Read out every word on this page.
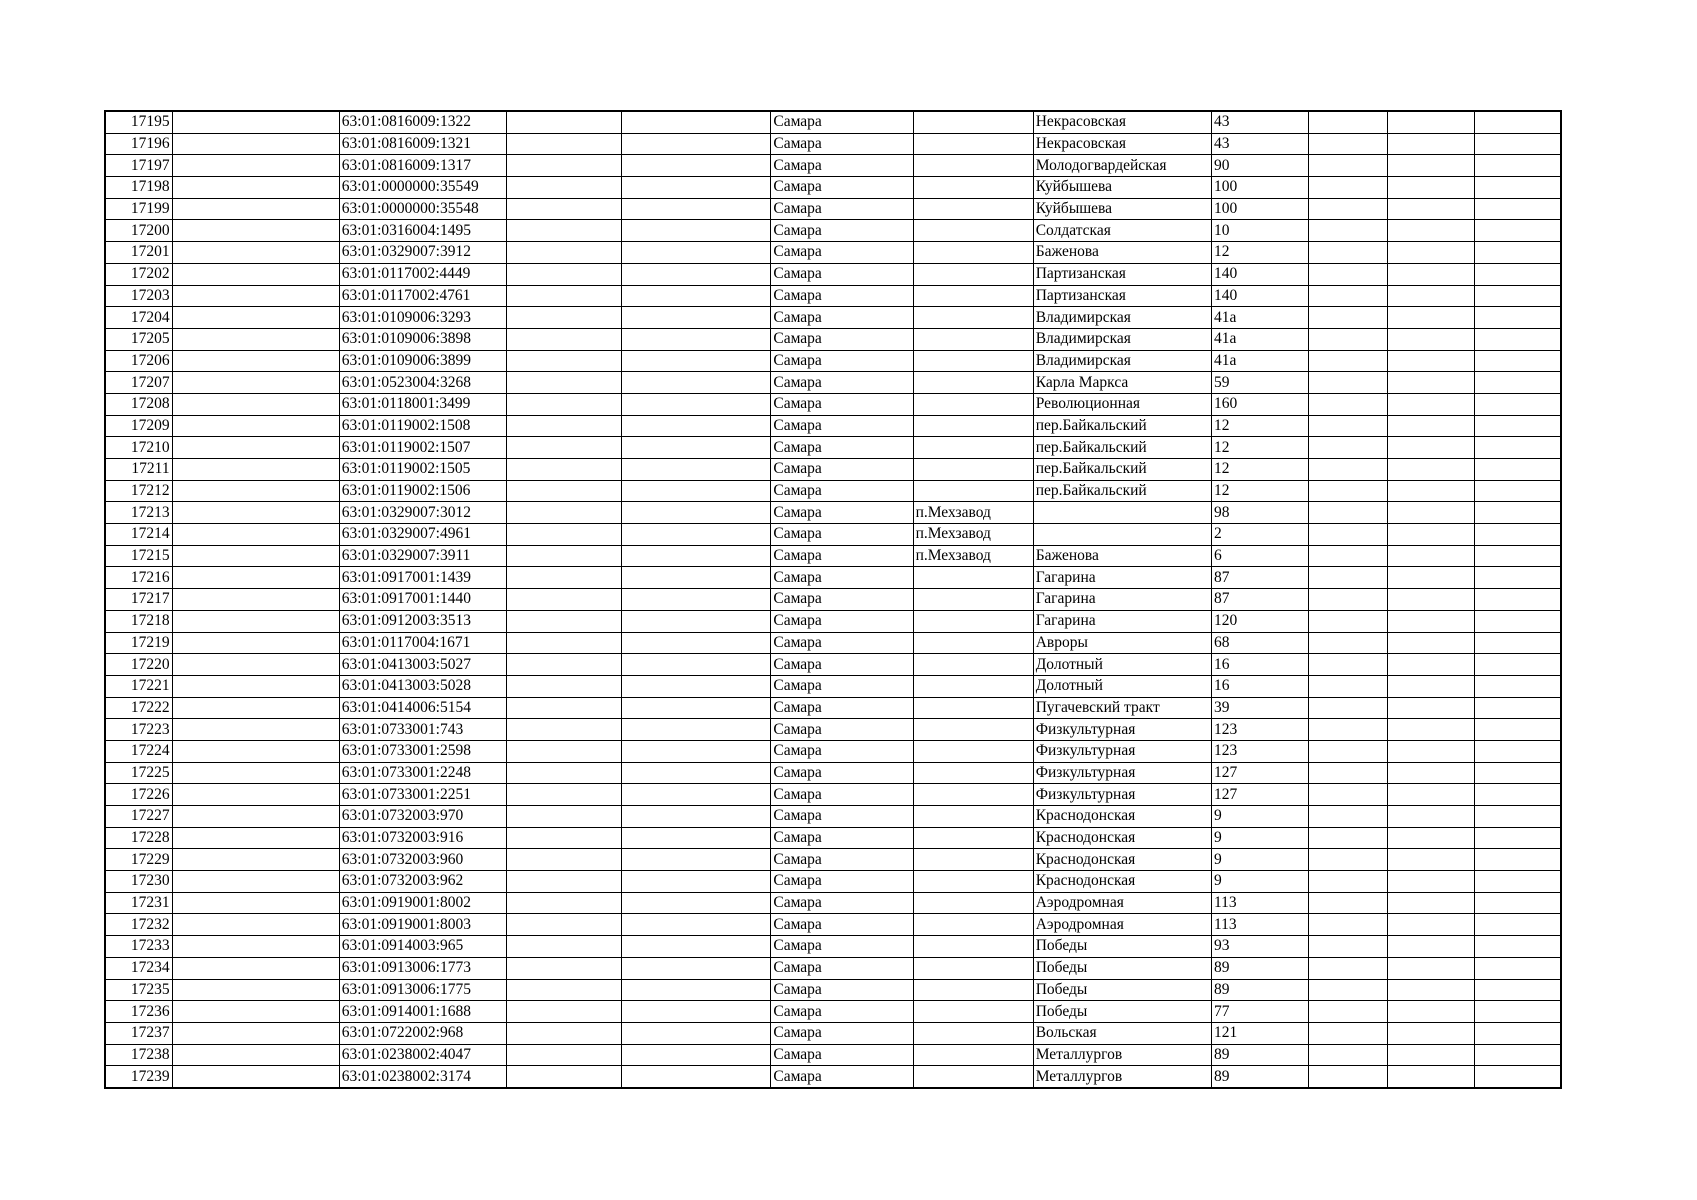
17195		63:01:0816009:1322			Самара		Некрасовская	43			
17196		63:01:0816009:1321			Самара		Некрасовская	43			
17197		63:01:0816009:1317			Самара		Молодогвардейская	90			
17198		63:01:0000000:35549			Самара		Куйбышева	100			
17199		63:01:0000000:35548			Самара		Куйбышева	100			
17200		63:01:0316004:1495			Самара		Солдатская	10			
17201		63:01:0329007:3912			Самара		Баженова	12			
17202		63:01:0117002:4449			Самара		Партизанская	140			
17203		63:01:0117002:4761			Самара		Партизанская	140			
17204		63:01:0109006:3293			Самара		Владимирская	41а			
17205		63:01:0109006:3898			Самара		Владимирская	41а			
17206		63:01:0109006:3899			Самара		Владимирская	41а			
17207		63:01:0523004:3268			Самара		Карла Маркса	59			
17208		63:01:0118001:3499			Самара		Революционная	160			
17209		63:01:0119002:1508			Самара		пер.Байкальский	12			
17210		63:01:0119002:1507			Самара		пер.Байкальский	12			
17211		63:01:0119002:1505			Самара		пер.Байкальский	12			
17212		63:01:0119002:1506			Самара		пер.Байкальский	12			
17213		63:01:0329007:3012			Самара	п.Мехзавод		98			
17214		63:01:0329007:4961			Самара	п.Мехзавод		2			
17215		63:01:0329007:3911			Самара	п.Мехзавод	Баженова	6			
17216		63:01:0917001:1439			Самара		Гагарина	87			
17217		63:01:0917001:1440			Самара		Гагарина	87			
17218		63:01:0912003:3513			Самара		Гагарина	120			
17219		63:01:0117004:1671			Самара		Авроры	68			
17220		63:01:0413003:5027			Самара		Долотный	16			
17221		63:01:0413003:5028			Самара		Долотный	16			
17222		63:01:0414006:5154			Самара		Пугачевский тракт	39			
17223		63:01:0733001:743			Самара		Физкультурная	123			
17224		63:01:0733001:2598			Самара		Физкультурная	123			
17225		63:01:0733001:2248			Самара		Физкультурная	127			
17226		63:01:0733001:2251			Самара		Физкультурная	127			
17227		63:01:0732003:970			Самара		Краснодонская	9			
17228		63:01:0732003:916			Самара		Краснодонская	9			
17229		63:01:0732003:960			Самара		Краснодонская	9			
17230		63:01:0732003:962			Самара		Краснодонская	9			
17231		63:01:0919001:8002			Самара		Аэродромная	113			
17232		63:01:0919001:8003			Самара		Аэродромная	113			
17233		63:01:0914003:965			Самара		Победы	93			
17234		63:01:0913006:1773			Самара		Победы	89			
17235		63:01:0913006:1775			Самара		Победы	89			
17236		63:01:0914001:1688			Самара		Победы	77			
17237		63:01:0722002:968			Самара		Вольская	121			
17238		63:01:0238002:4047			Самара		Металлургов	89			
17239		63:01:0238002:3174			Самара		Металлургов	89			
